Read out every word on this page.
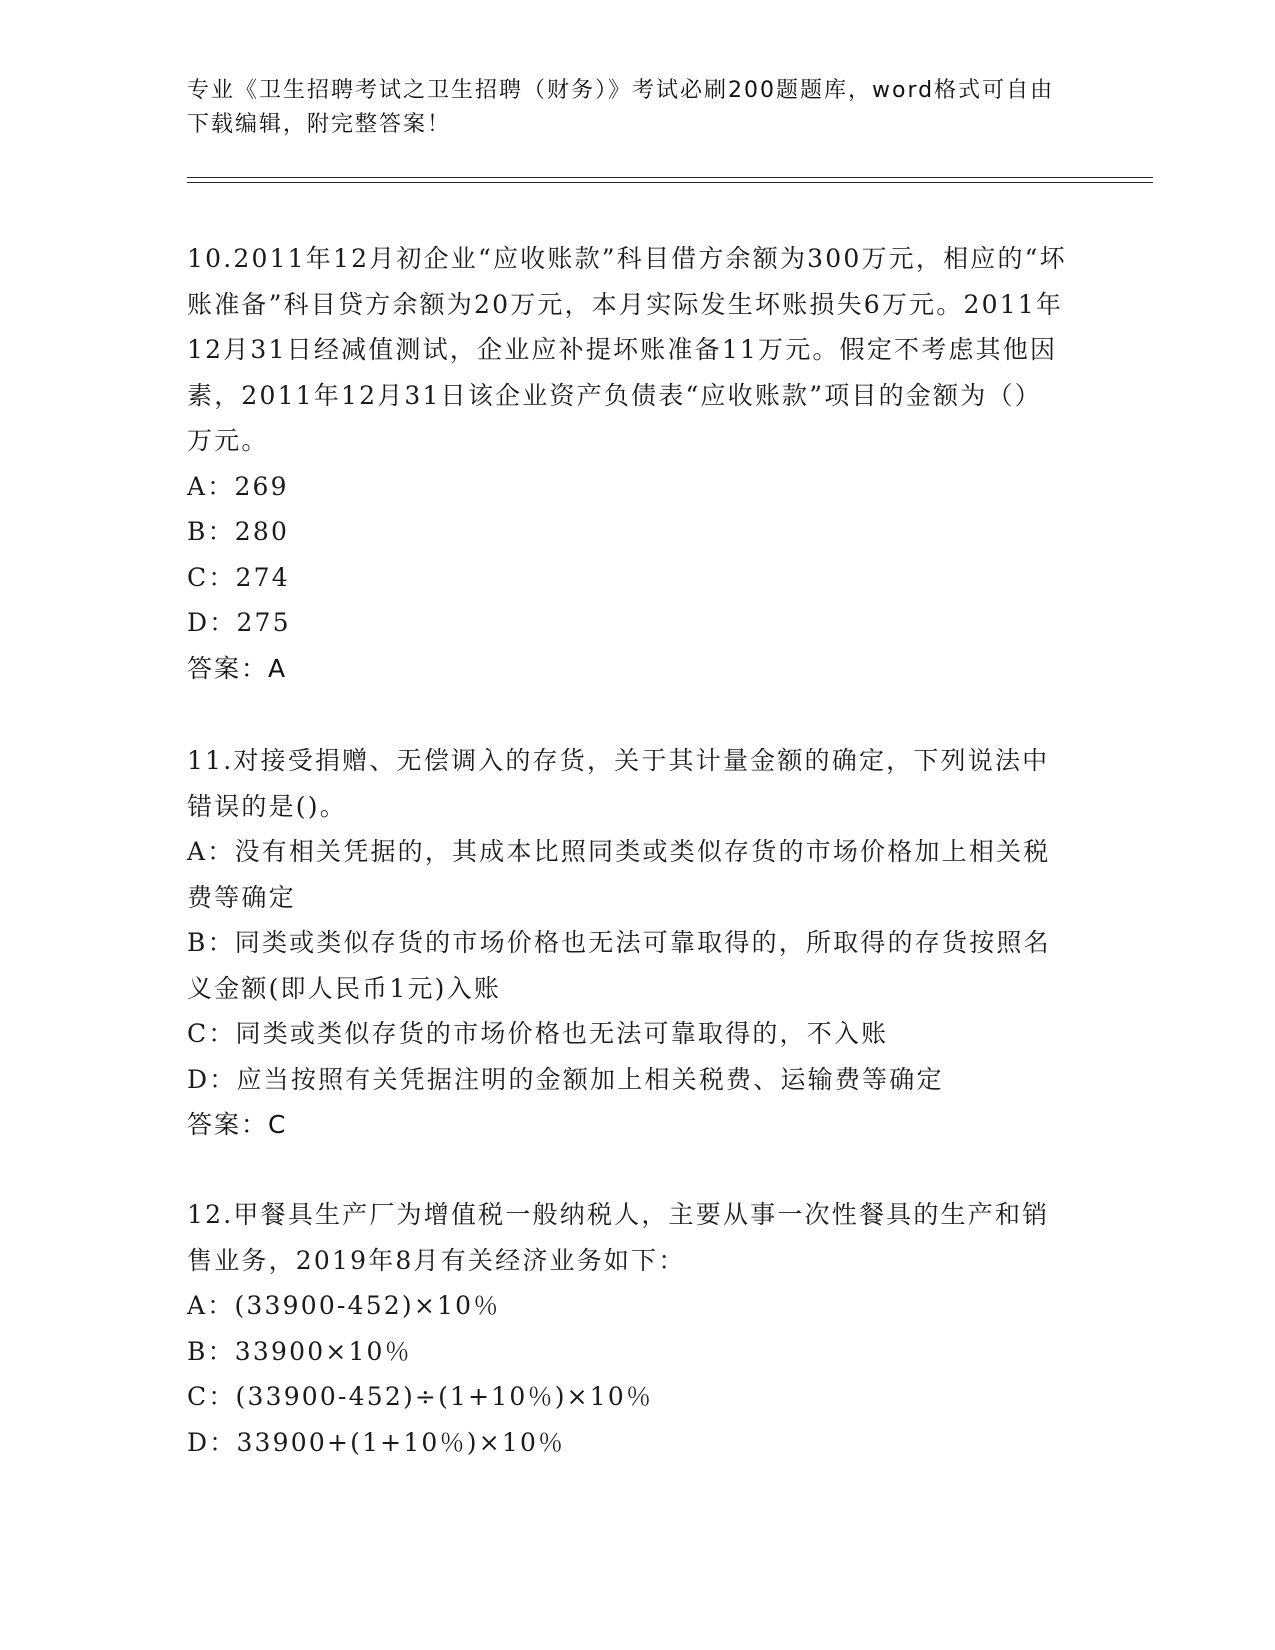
专业《卫生招聘考试之卫生招聘（财务）》考试必刷200题题库，word格式可自由下载编辑，附完整答案！

10.2011年12月初企业“应收账款”科目借方余额为300万元，相应的“坏账准备”科目贷方余额为20万元，本月实际发生坏账损失6万元。2011年12月31日经减值测试，企业应补提坏账准备11万元。假定不考虑其他因素，2011年12月31日该企业资产负债表“应收账款”项目的金额为（）万元。

A：269

B：280

C：274

D：275

答案：A

11.对接受捐赠、无偿调入的存货，关于其计量金额的确定，下列说法中错误的是()。

A：没有相关凭据的，其成本比照同类或类似存货的市场价格加上相关税费等确定

B：同类或类似存货的市场价格也无法可靠取得的，所取得的存货按照名义金额(即人民币1元)入账

C：同类或类似存货的市场价格也无法可靠取得的，不入账

D：应当按照有关凭据注明的金额加上相关税费、运输费等确定

答案：C

12.甲餐具生产厂为增值税一般纳税人，主要从事一次性餐具的生产和销售业务，2019年8月有关经济业务如下：

A：(33900-452)×10％

B：33900×10％

C：(33900-452)÷(1+10％)×10％

D：33900+(1+10％)×10％
